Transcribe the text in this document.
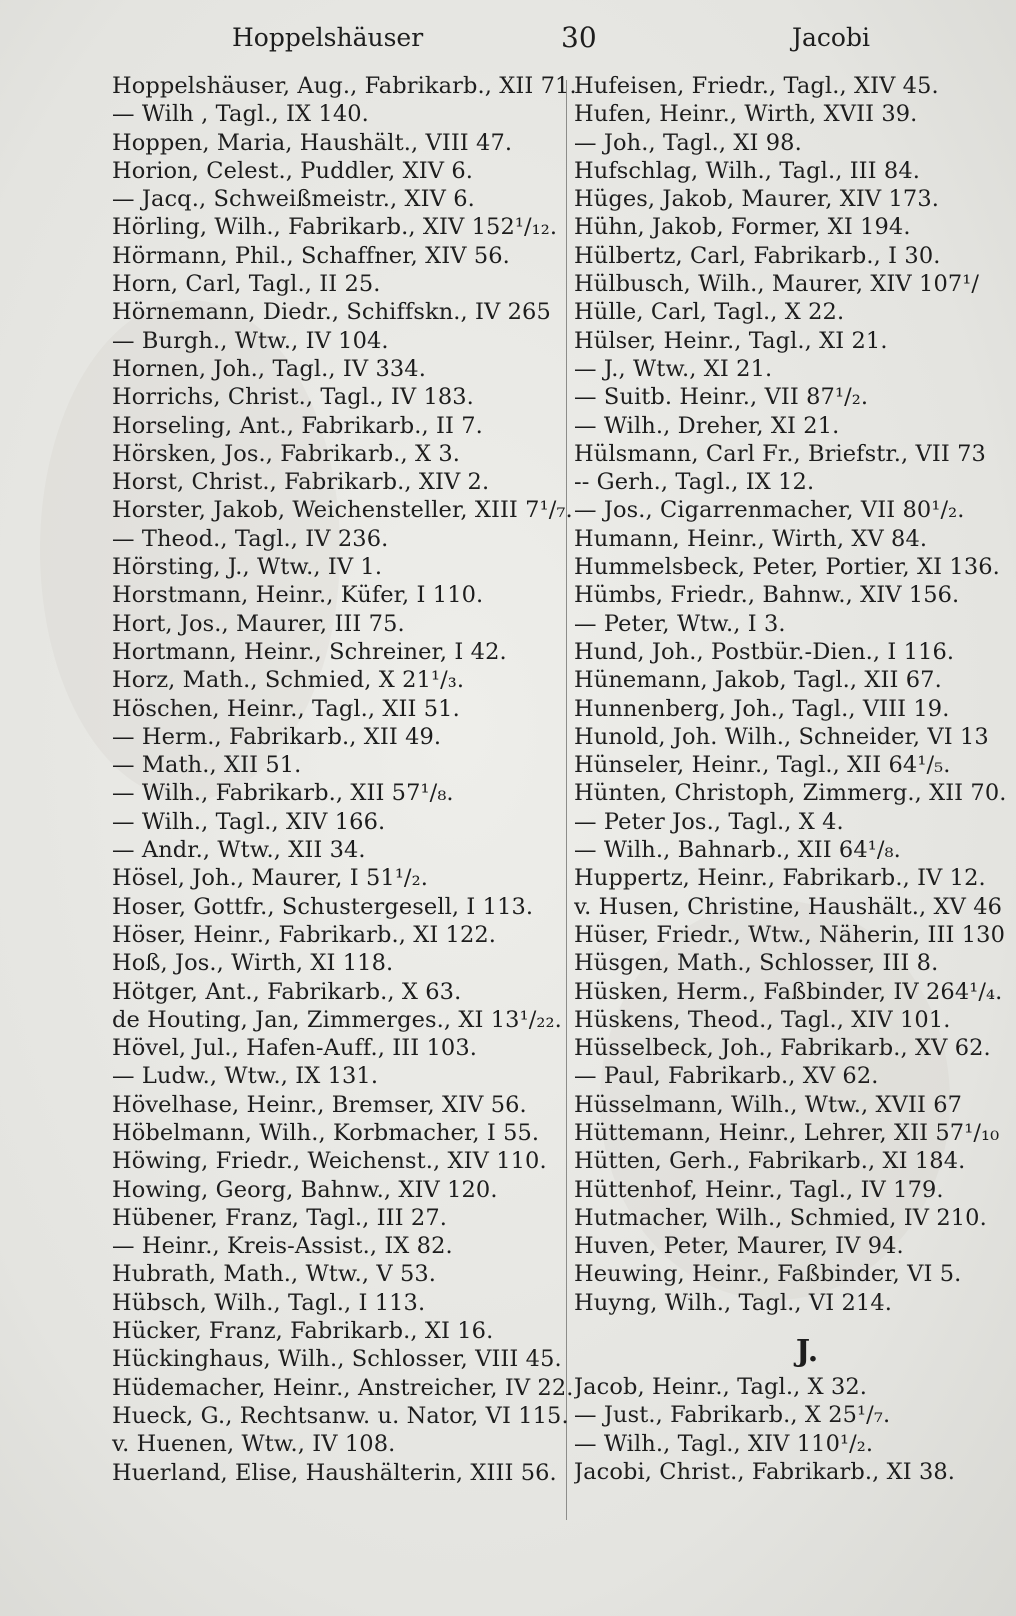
Hoppelshäuser	30	Jacobi
Hoppelshäuser, Aug., Fabrikarb., XII 71.
— Wilh , Tagl., IX 140.
Hoppen, Maria, Haushält., VIII 47.
Horion, Celest., Puddler, XIV 6.
— Jacq., Schweißmeistr., XIV 6.
Hörling, Wilh., Fabrikarb., XIV 152¹/₁₂.
Hörmann, Phil., Schaffner, XIV 56.
Horn, Carl, Tagl., II 25.
Hörnemann, Diedr., Schiffskn., IV 265
— Burgh., Wtw., IV 104.
Hornen, Joh., Tagl., IV 334.
Horrichs, Christ., Tagl., IV 183.
Horseling, Ant., Fabrikarb., II 7.
Hörsken, Jos., Fabrikarb., X 3.
Horst, Christ., Fabrikarb., XIV 2.
Horster, Jakob, Weichensteller, XIII 7¹/₇.
— Theod., Tagl., IV 236.
Hörsting, J., Wtw., IV 1.
Horstmann, Heinr., Küfer, I 110.
Hort, Jos., Maurer, III 75.
Hortmann, Heinr., Schreiner, I 42.
Horz, Math., Schmied, X 21¹/₃.
Höschen, Heinr., Tagl., XII 51.
— Herm., Fabrikarb., XII 49.
— Math., XII 51.
— Wilh., Fabrikarb., XII 57¹/₈.
— Wilh., Tagl., XIV 166.
— Andr., Wtw., XII 34.
Hösel, Joh., Maurer, I 51¹/₂.
Hoser, Gottfr., Schustergesell, I 113.
Höser, Heinr., Fabrikarb., XI 122.
Hoß, Jos., Wirth, XI 118.
Hötger, Ant., Fabrikarb., X 63.
de Houting, Jan, Zimmerges., XI 13¹/₂₂.
Hövel, Jul., Hafen-Auff., III 103.
— Ludw., Wtw., IX 131.
Hövelhase, Heinr., Bremser, XIV 56.
Höbelmann, Wilh., Korbmacher, I 55.
Höwing, Friedr., Weichenst., XIV 110.
Howing, Georg, Bahnw., XIV 120.
Hübener, Franz, Tagl., III 27.
— Heinr., Kreis-Assist., IX 82.
Hubrath, Math., Wtw., V 53.
Hübsch, Wilh., Tagl., I 113.
Hücker, Franz, Fabrikarb., XI 16.
Hückinghaus, Wilh., Schlosser, VIII 45.
Hüdemacher, Heinr., Anstreicher, IV 22.
Hueck, G., Rechtsanw. u. Nator, VI 115.
v. Huenen, Wtw., IV 108.
Huerland, Elise, Haushälterin, XIII 56.
Hufeisen, Friedr., Tagl., XIV 45.
Hufen, Heinr., Wirth, XVII 39.
— Joh., Tagl., XI 98.
Hufschlag, Wilh., Tagl., III 84.
Hüges, Jakob, Maurer, XIV 173.
Hühn, Jakob, Former, XI 194.
Hülbertz, Carl, Fabrikarb., I 30.
Hülbusch, Wilh., Maurer, XIV 107¹/
Hülle, Carl, Tagl., X 22.
Hülser, Heinr., Tagl., XI 21.
— J., Wtw., XI 21.
— Suitb. Heinr., VII 87¹/₂.
— Wilh., Dreher, XI 21.
Hülsmann, Carl Fr., Briefstr., VII 73
-- Gerh., Tagl., IX 12.
— Jos., Cigarrenmacher, VII 80¹/₂.
Humann, Heinr., Wirth, XV 84.
Hummelsbeck, Peter, Portier, XI 136.
Hümbs, Friedr., Bahnw., XIV 156.
— Peter, Wtw., I 3.
Hund, Joh., Postbür.-Dien., I 116.
Hünemann, Jakob, Tagl., XII 67.
Hunnenberg, Joh., Tagl., VIII 19.
Hunold, Joh. Wilh., Schneider, VI 13
Hünseler, Heinr., Tagl., XII 64¹/₅.
Hünten, Christoph, Zimmerg., XII 70.
— Peter Jos., Tagl., X 4.
— Wilh., Bahnarb., XII 64¹/₈.
Huppertz, Heinr., Fabrikarb., IV 12.
v. Husen, Christine, Haushält., XV 46
Hüser, Friedr., Wtw., Näherin, III 130
Hüsgen, Math., Schlosser, III 8.
Hüsken, Herm., Faßbinder, IV 264¹/₄.
Hüskens, Theod., Tagl., XIV 101.
Hüsselbeck, Joh., Fabrikarb., XV 62.
— Paul, Fabrikarb., XV 62.
Hüsselmann, Wilh., Wtw., XVII 67
Hüttemann, Heinr., Lehrer, XII 57¹/₁₀
Hütten, Gerh., Fabrikarb., XI 184.
Hüttenhof, Heinr., Tagl., IV 179.
Hutmacher, Wilh., Schmied, IV 210.
Huven, Peter, Maurer, IV 94.
Heuwing, Heinr., Faßbinder, VI 5.
Huyng, Wilh., Tagl., VI 214.
J.
Jacob, Heinr., Tagl., X 32.
— Just., Fabrikarb., X 25¹/₇.
— Wilh., Tagl., XIV 110¹/₂.
Jacobi, Christ., Fabrikarb., XI 38.
